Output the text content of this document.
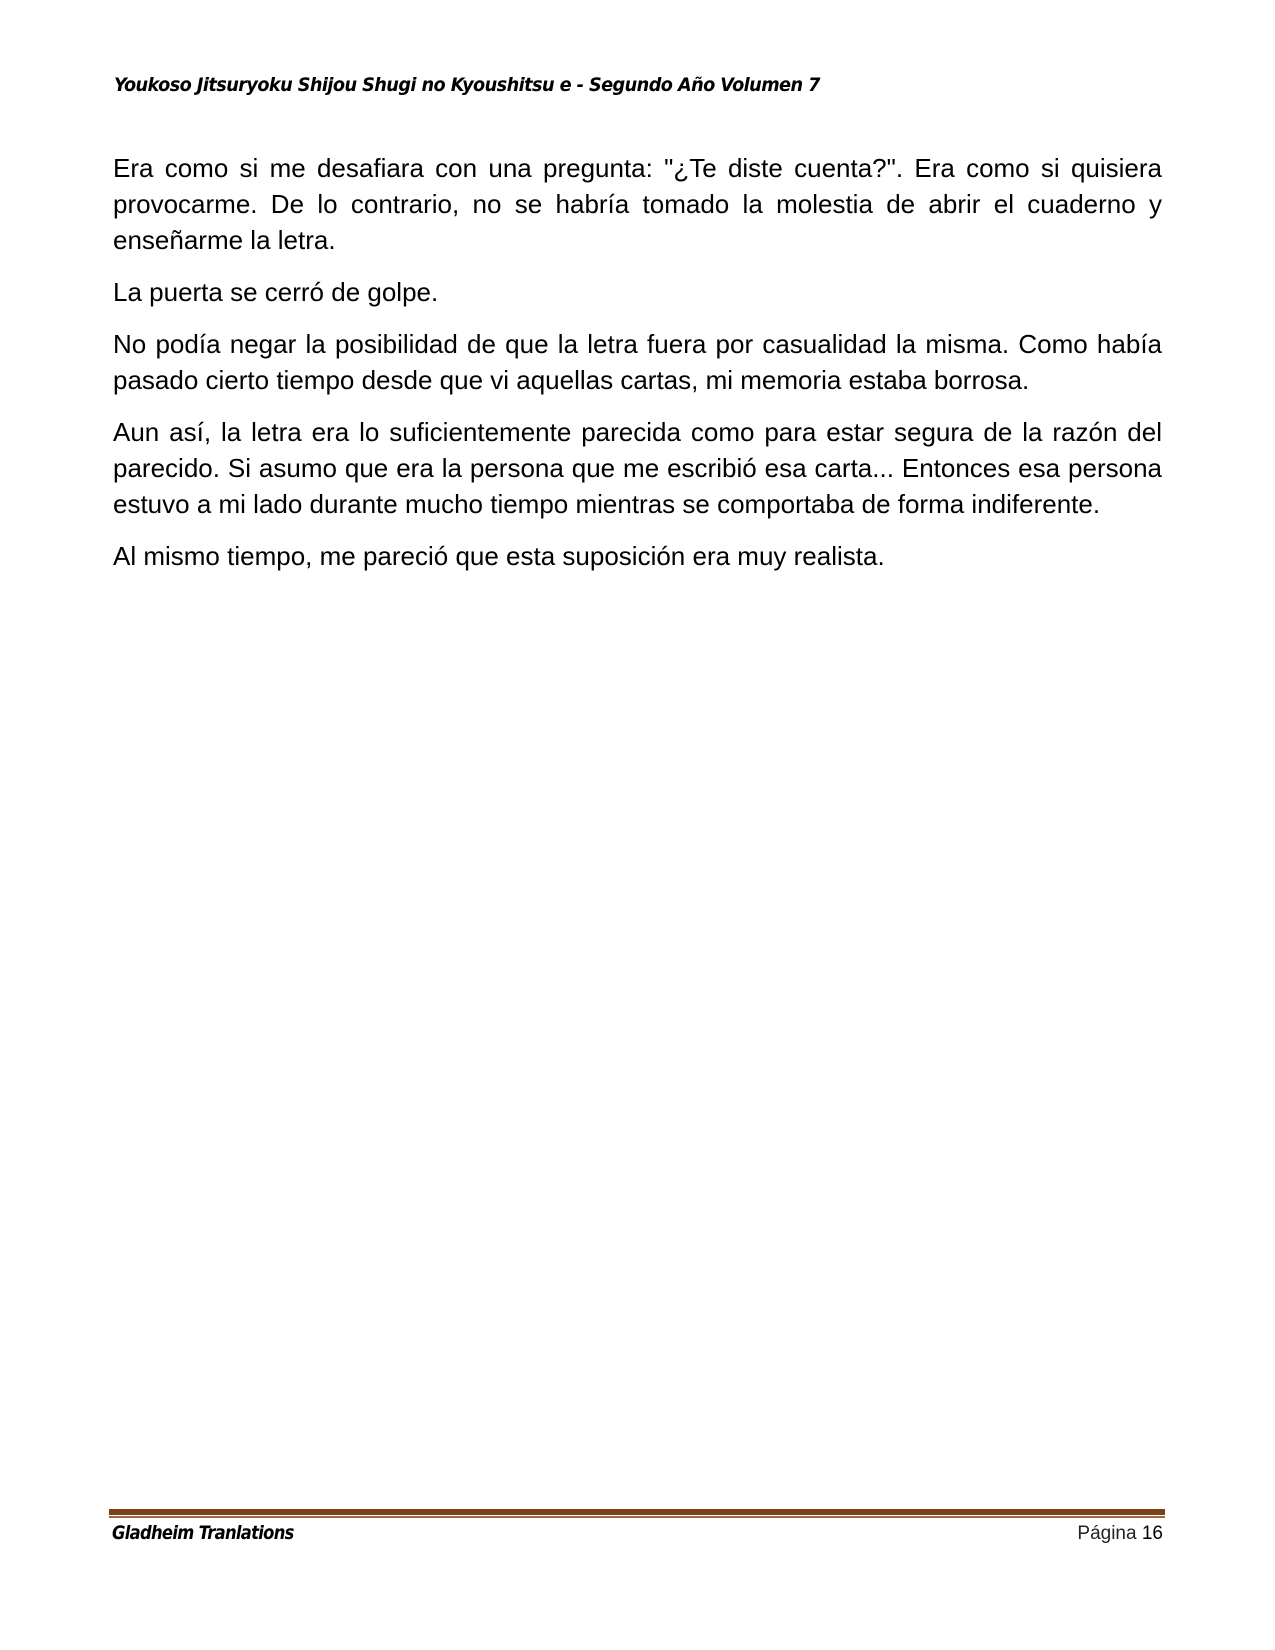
Youkoso Jitsuryoku Shijou Shugi no Kyoushitsu e - Segundo Año Volumen 7

Era como si me desafiara con una pregunta: "¿Te diste cuenta?". Era como si quisiera provocarme. De lo contrario, no se habría tomado la molestia de abrir el cuaderno y enseñarme la letra.

La puerta se cerró de golpe.

No podía negar la posibilidad de que la letra fuera por casualidad la misma. Como había pasado cierto tiempo desde que vi aquellas cartas, mi memoria estaba borrosa.

Aun así, la letra era lo suficientemente parecida como para estar segura de la razón del parecido. Si asumo que era la persona que me escribió esa carta... Entonces esa persona estuvo a mi lado durante mucho tiempo mientras se comportaba de forma indiferente.

Al mismo tiempo, me pareció que esta suposición era muy realista.

Gladheim Tranlations	Página 16
